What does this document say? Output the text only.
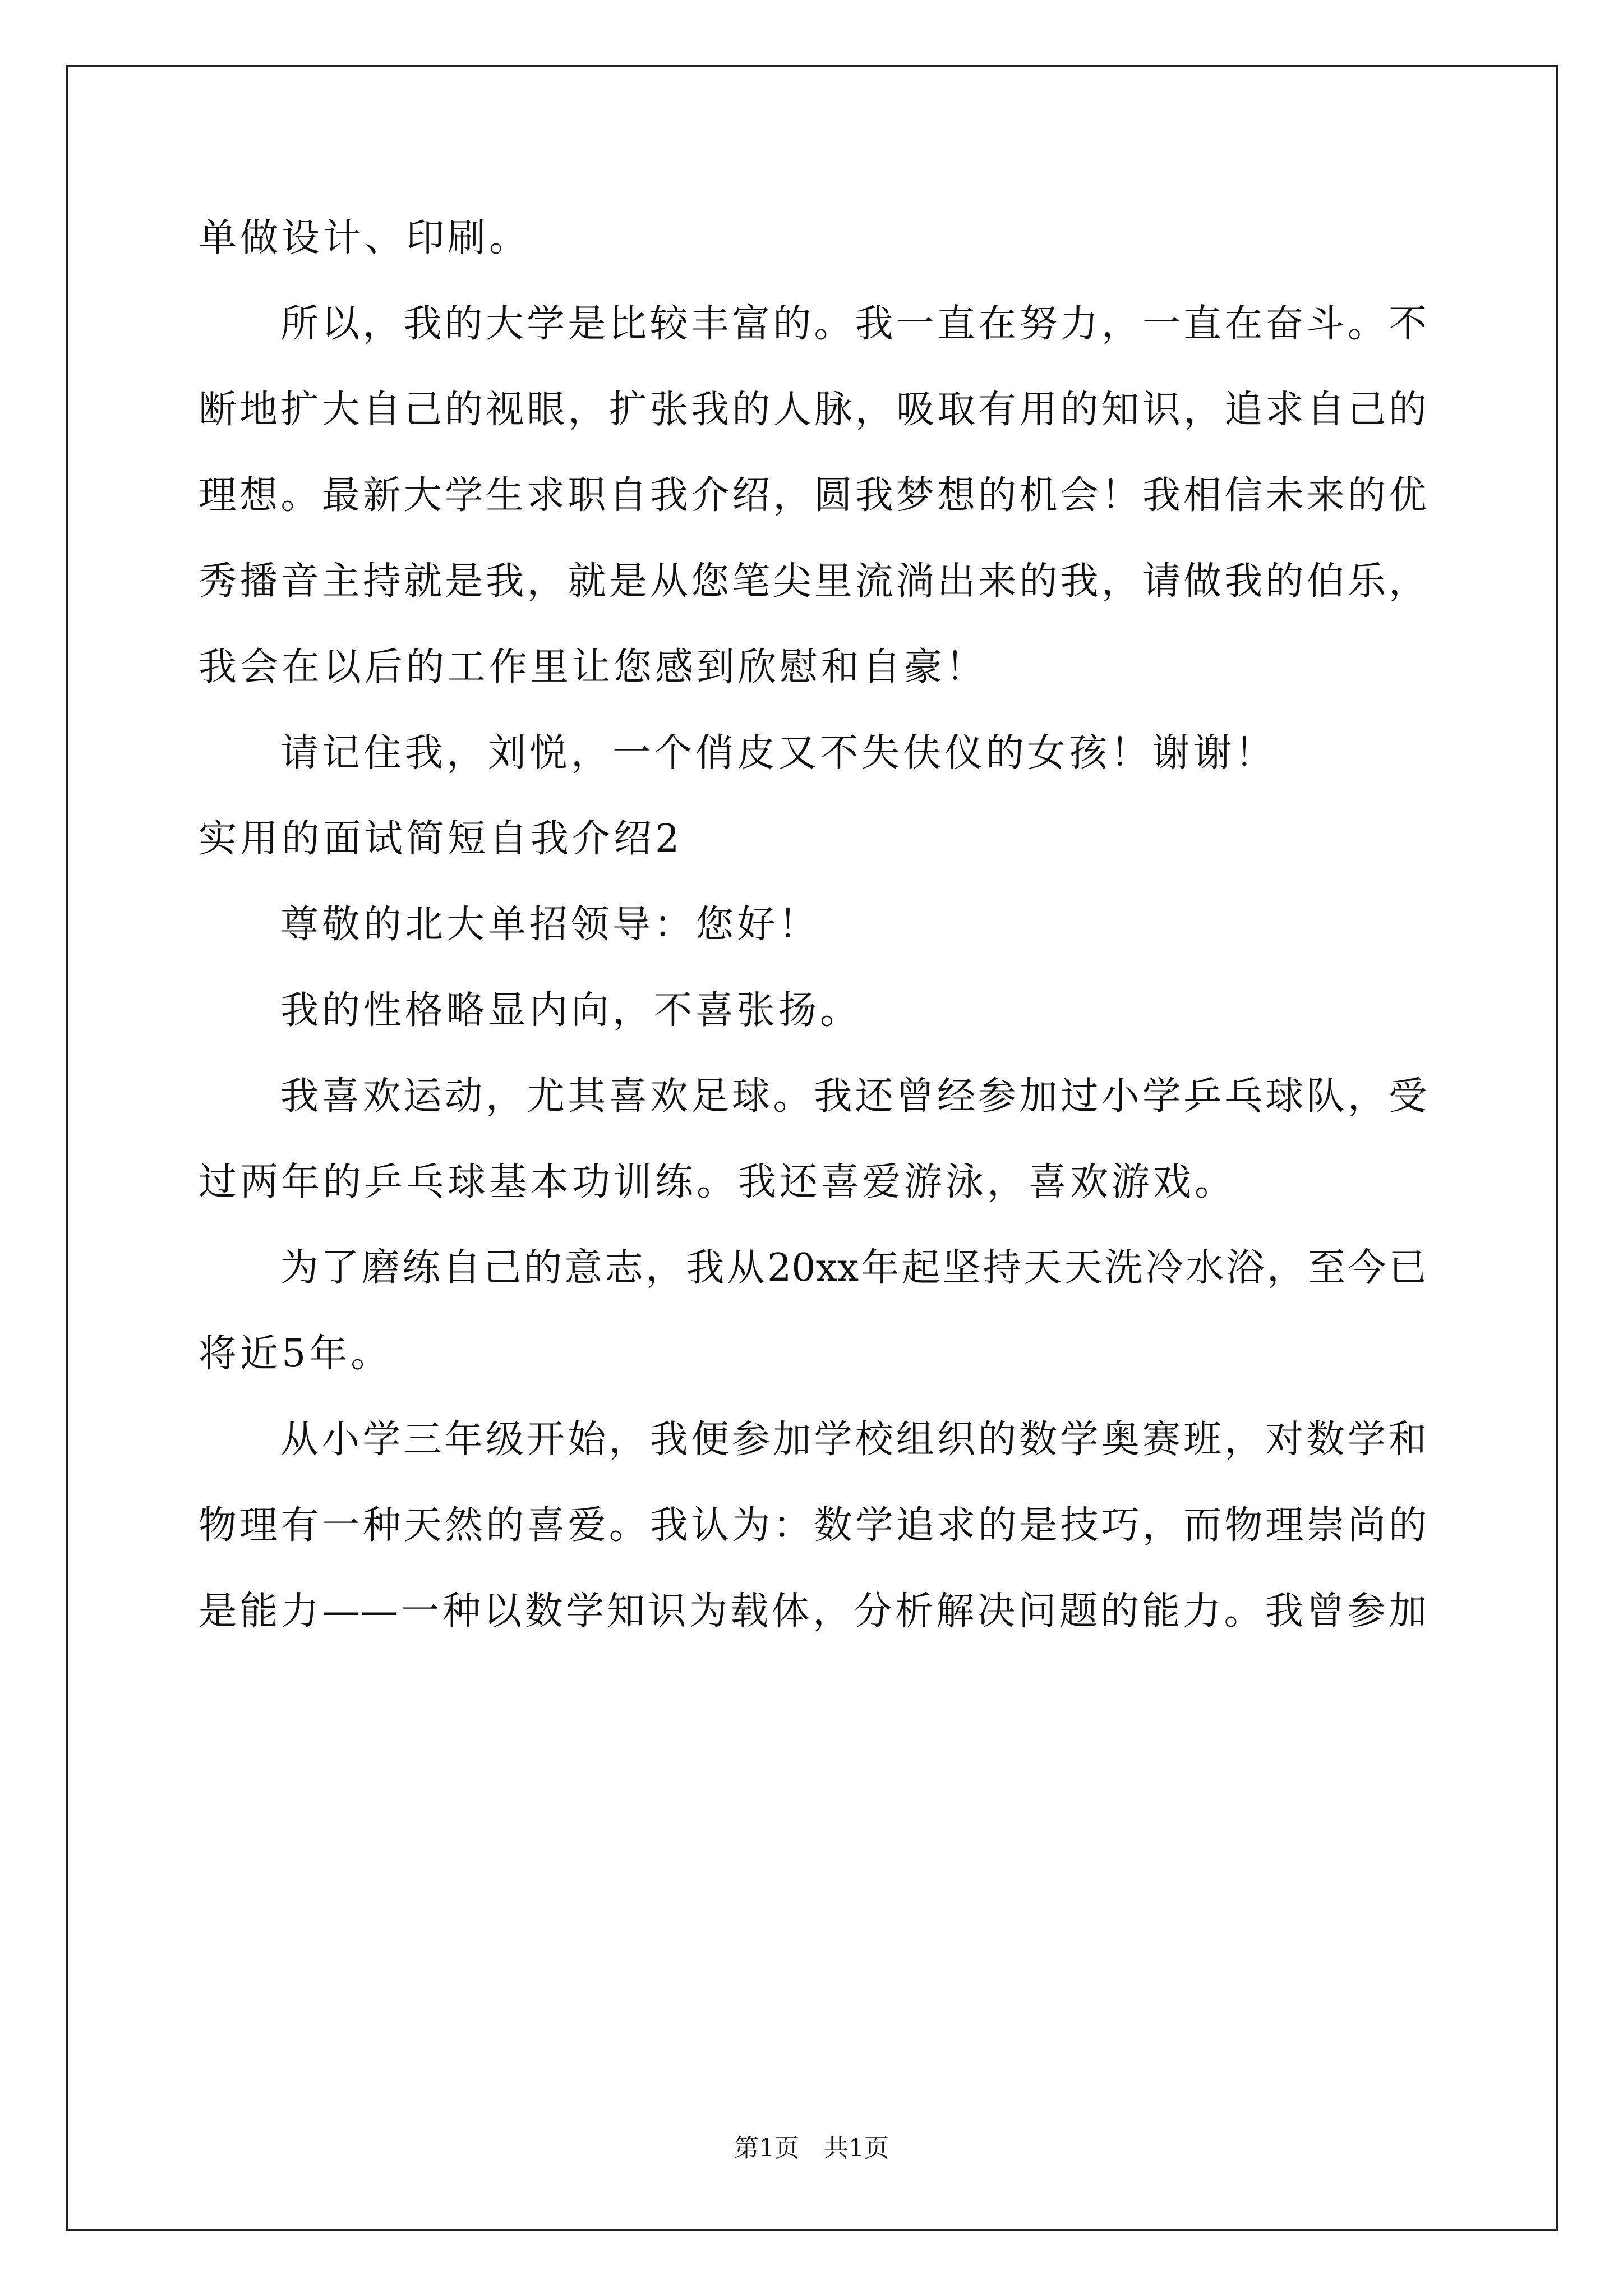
单做设计、印刷。
所以，我的大学是比较丰富的。我一直在努力，一直在奋斗。不
断地扩大自己的视眼，扩张我的人脉，吸取有用的知识，追求自己的
理想。最新大学生求职自我介绍，圆我梦想的机会！我相信未来的优
秀播音主持就是我，就是从您笔尖里流淌出来的我，请做我的伯乐，
我会在以后的工作里让您感到欣慰和自豪！
请记住我，刘悦，一个俏皮又不失伕仪的女孩！谢谢！
实用的面试简短自我介绍2
尊敬的北大单招领导：您好！
我的性格略显内向，不喜张扬。
我喜欢运动，尤其喜欢足球。我还曾经参加过小学乒乓球队，受
过两年的乒乓球基本功训练。我还喜爱游泳，喜欢游戏。
为了磨练自己的意志，我从20xx年起坚持天天洗冷水浴，至今已
将近5年。
从小学三年级开始，我便参加学校组织的数学奥赛班，对数学和
物理有一种天然的喜爱。我认为：数学追求的是技巧，而物理崇尚的
是能力——一种以数学知识为载体，分析解决问题的能力。我曾参加
第1页　共1页
